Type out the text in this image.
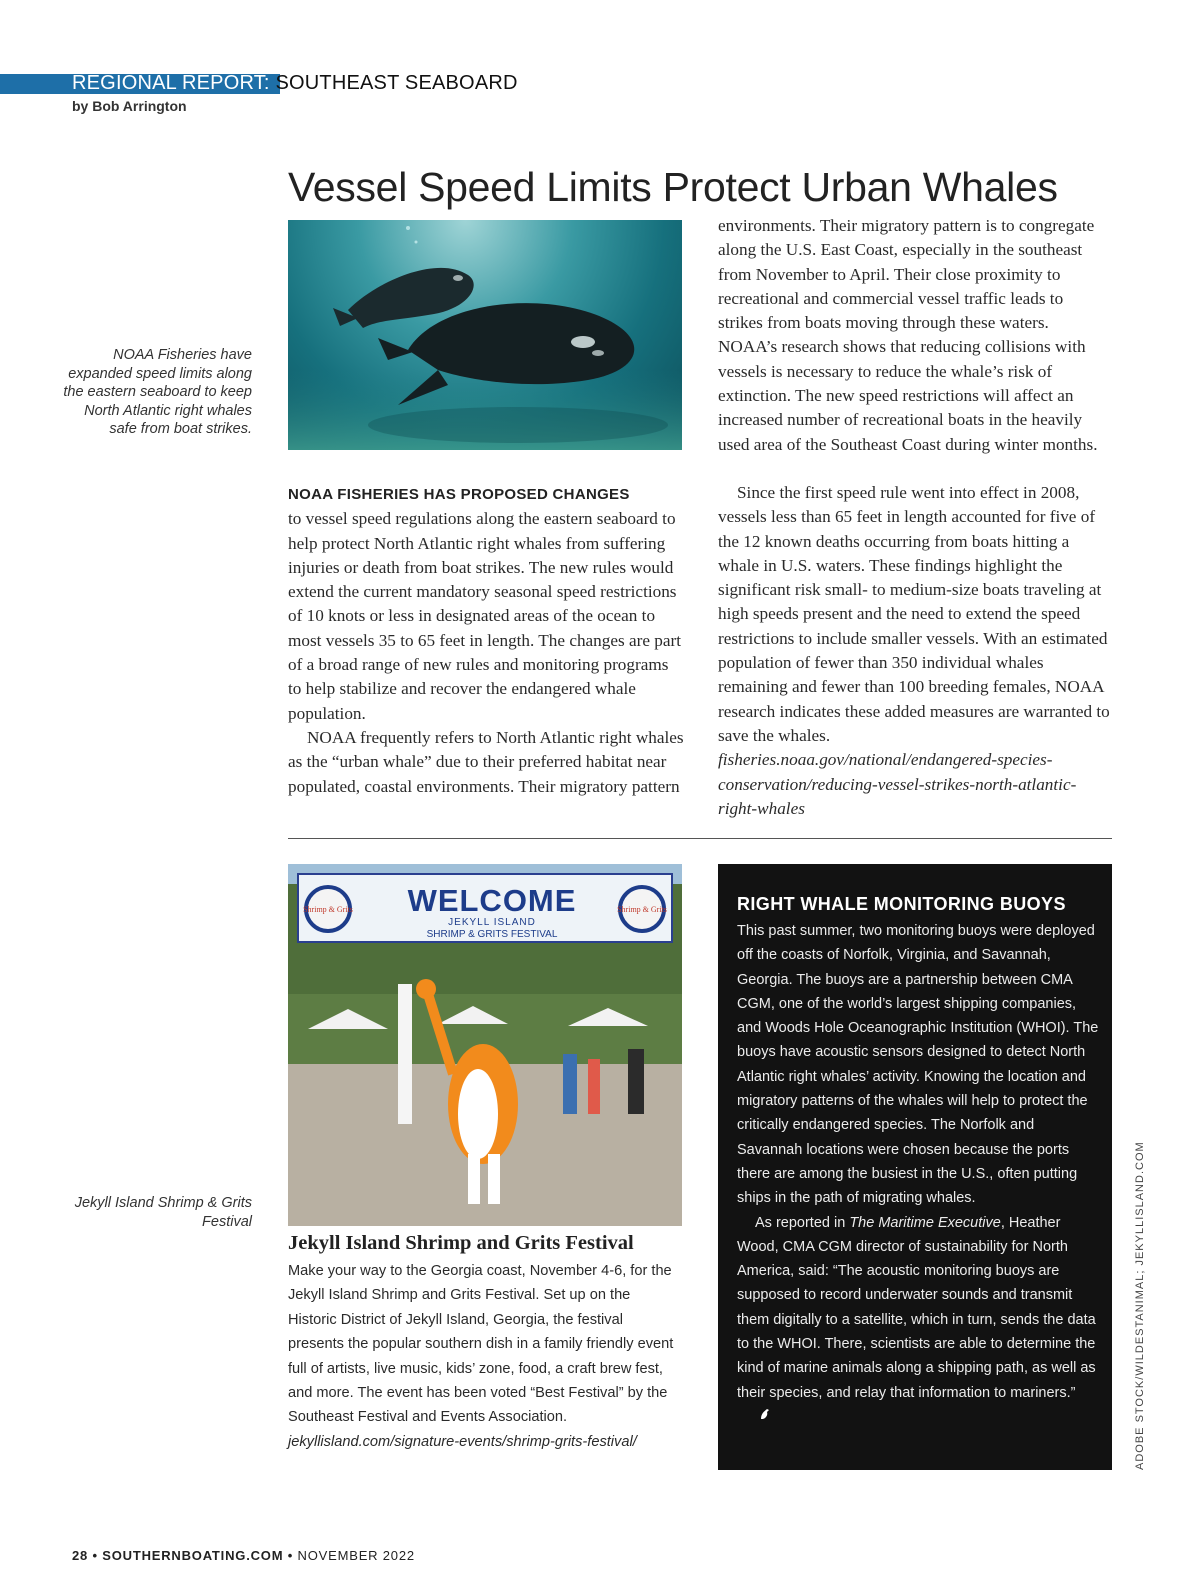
REGIONAL REPORT: SOUTHEAST SEABOARD
by Bob Arrington
Vessel Speed Limits Protect Urban Whales
NOAA Fisheries have expanded speed limits along the eastern seaboard to keep North Atlantic right whales safe from boat strikes.

NOAA FISHERIES HAS PROPOSED CHANGES
to vessel speed regulations along the eastern seaboard to help protect North Atlantic right whales from suffering injuries or death from boat strikes. The new rules would extend the current mandatory seasonal speed restrictions of 10 knots or less in designated areas of the ocean to most vessels 35 to 65 feet in length. The changes are part of a broad range of new rules and monitoring programs to help stabilize and recover the endangered whale population.

NOAA frequently refers to North Atlantic right whales as the “urban whale” due to their preferred habitat near populated, coastal environments. Their migratory pattern

environments. Their migratory pattern is to congregate along the U.S. East Coast, especially in the southeast from November to April. Their close proximity to recreational and commercial vessel traffic leads to strikes from boats moving through these waters. NOAA’s research shows that reducing collisions with vessels is necessary to reduce the whale’s risk of extinction. The new speed restrictions will affect an increased number of recreational boats in the heavily used area of the Southeast Coast during winter months.

Since the first speed rule went into effect in 2008, vessels less than 65 feet in length accounted for five of the 12 known deaths occurring from boats hitting a whale in U.S. waters. These findings highlight the significant risk small- to medium-size boats traveling at high speeds present and the need to extend the speed restrictions to include smaller vessels. With an estimated population of fewer than 350 individual whales remaining and fewer than 100 breeding females, NOAA research indicates these added measures are warranted to save the whales. fisheries.noaa.gov/national/endangered-species-conservation/reducing-vessel-strikes-north-atlantic-right-whales

Shrimp & Grits	Shrimp & Grits
WELCOME
JEKYLL ISLAND
SHRIMP & GRITS FESTIVAL
Jekyll Island Shrimp & Grits Festival
Jekyll Island Shrimp and Grits Festival
Make your way to the Georgia coast, November 4-6, for the Jekyll Island Shrimp and Grits Festival. Set up on the Historic District of Jekyll Island, Georgia, the festival presents the popular southern dish in a family friendly event full of artists, live music, kids’ zone, food, a craft brew fest, and more. The event has been voted “Best Festival” by the Southeast Festival and Events Association. jekyllisland.com/signature-events/shrimp-grits-festival/
RIGHT WHALE MONITORING BUOYS

This past summer, two monitoring buoys were deployed off the coasts of Norfolk, Virginia, and Savannah, Georgia. The buoys are a partnership between CMA CGM, one of the world’s largest shipping companies, and Woods Hole Oceanographic Institution (WHOI). The buoys have acoustic sensors designed to detect North Atlantic right whales’ activity. Knowing the location and migratory patterns of the whales will help to protect the critically endangered species. The Norfolk and Savannah locations were chosen because the ports there are among the busiest in the U.S., often putting ships in the path of migrating whales.

As reported in The Maritime Executive, Heather Wood, CMA CGM director of sustainability for North America, said: “The acoustic monitoring buoys are supposed to record underwater sounds and transmit them digitally to a satellite, which in turn, sends the data to the WHOI. There, scientists are able to determine the kind of marine animals along a shipping path, as well as their species, and relay that information to mariners.”	ADOBE STOCK/WILDESTANIMAL; JEKYLLISLAND.COM
28 • SOUTHERNBOATING.COM • NOVEMBER 2022
